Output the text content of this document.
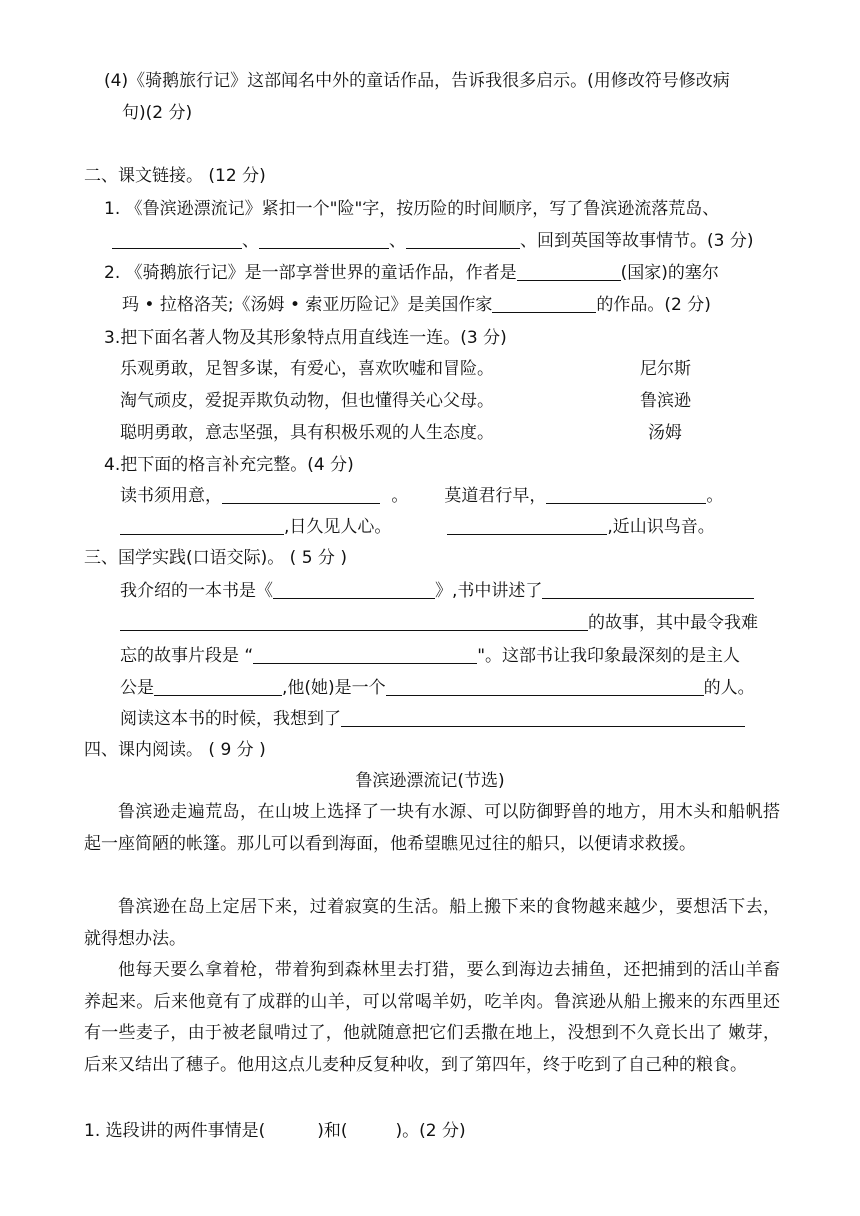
(4)《骑鹅旅行记》这部闻名中外的童话作品，告诉我很多启示。(用修改符号修改病
句)(2 分)
二、课文链接。 (12 分)
1. 《鲁滨逊漂流记》紧扣一个"险"字，按历险的时间顺序，写了鲁滨逊流落荒岛、
、	、	、回到英国等故事情节。(3 分)
2. 《骑鹅旅行记》是一部享誉世界的童话作品，作者是	(国家)的塞尔
玛 • 拉格洛芙;《汤姆 • 索亚历险记》是美国作家	的作品。(2 分)
3.把下面名著人物及其形象特点用直线连一连。(3 分)
乐观勇敢，足智多谋，有爱心，喜欢吹嘘和冒险。	尼尔斯
淘气顽皮，爱捉弄欺负动物，但也懂得关心父母。	鲁滨逊
聪明勇敢，意志坚强，具有积极乐观的人生态度。	汤姆
4.把下面的格言补充完整。(4 分)
读书须用意，	。 莫道君行早，	。
,日久见人心。	,近山识鸟音。
三、国学实践(口语交际)。 ( 5 分 )
我介绍的一本书是《	》,书中讲述了
的故事，其中最令我难
忘的故事片段是 “	"。这部书让我印象最深刻的是主人
公是	,他(她)是一个	的人。
阅读这本书的时候，我想到了
四、课内阅读。 ( 9 分 )
鲁滨逊漂流记(节选)
鲁滨逊走遍荒岛，在山坡上选择了一块有水源、可以防御野兽的地方，用木头和船帆搭起一座简陋的帐篷。那儿可以看到海面，他希望瞧见过往的船只，以便请求救援。
鲁滨逊在岛上定居下来，过着寂寞的生活。船上搬下来的食物越来越少，要想活下去，就得想办法。
他每天要么拿着枪，带着狗到森林里去打猎，要么到海边去捕鱼，还把捕到的活山羊畜养起来。后来他竟有了成群的山羊，可以常喝羊奶，吃羊肉。鲁滨逊从船上搬来的东西里还有一些麦子，由于被老鼠啃过了，他就随意把它们丢撒在地上，没想到不久竟长出了 嫩芽，后来又结出了穗子。他用这点儿麦种反复种收，到了第四年，终于吃到了自己种的粮食。
1. 选段讲的两件事情是(	)和(	)。(2 分)
